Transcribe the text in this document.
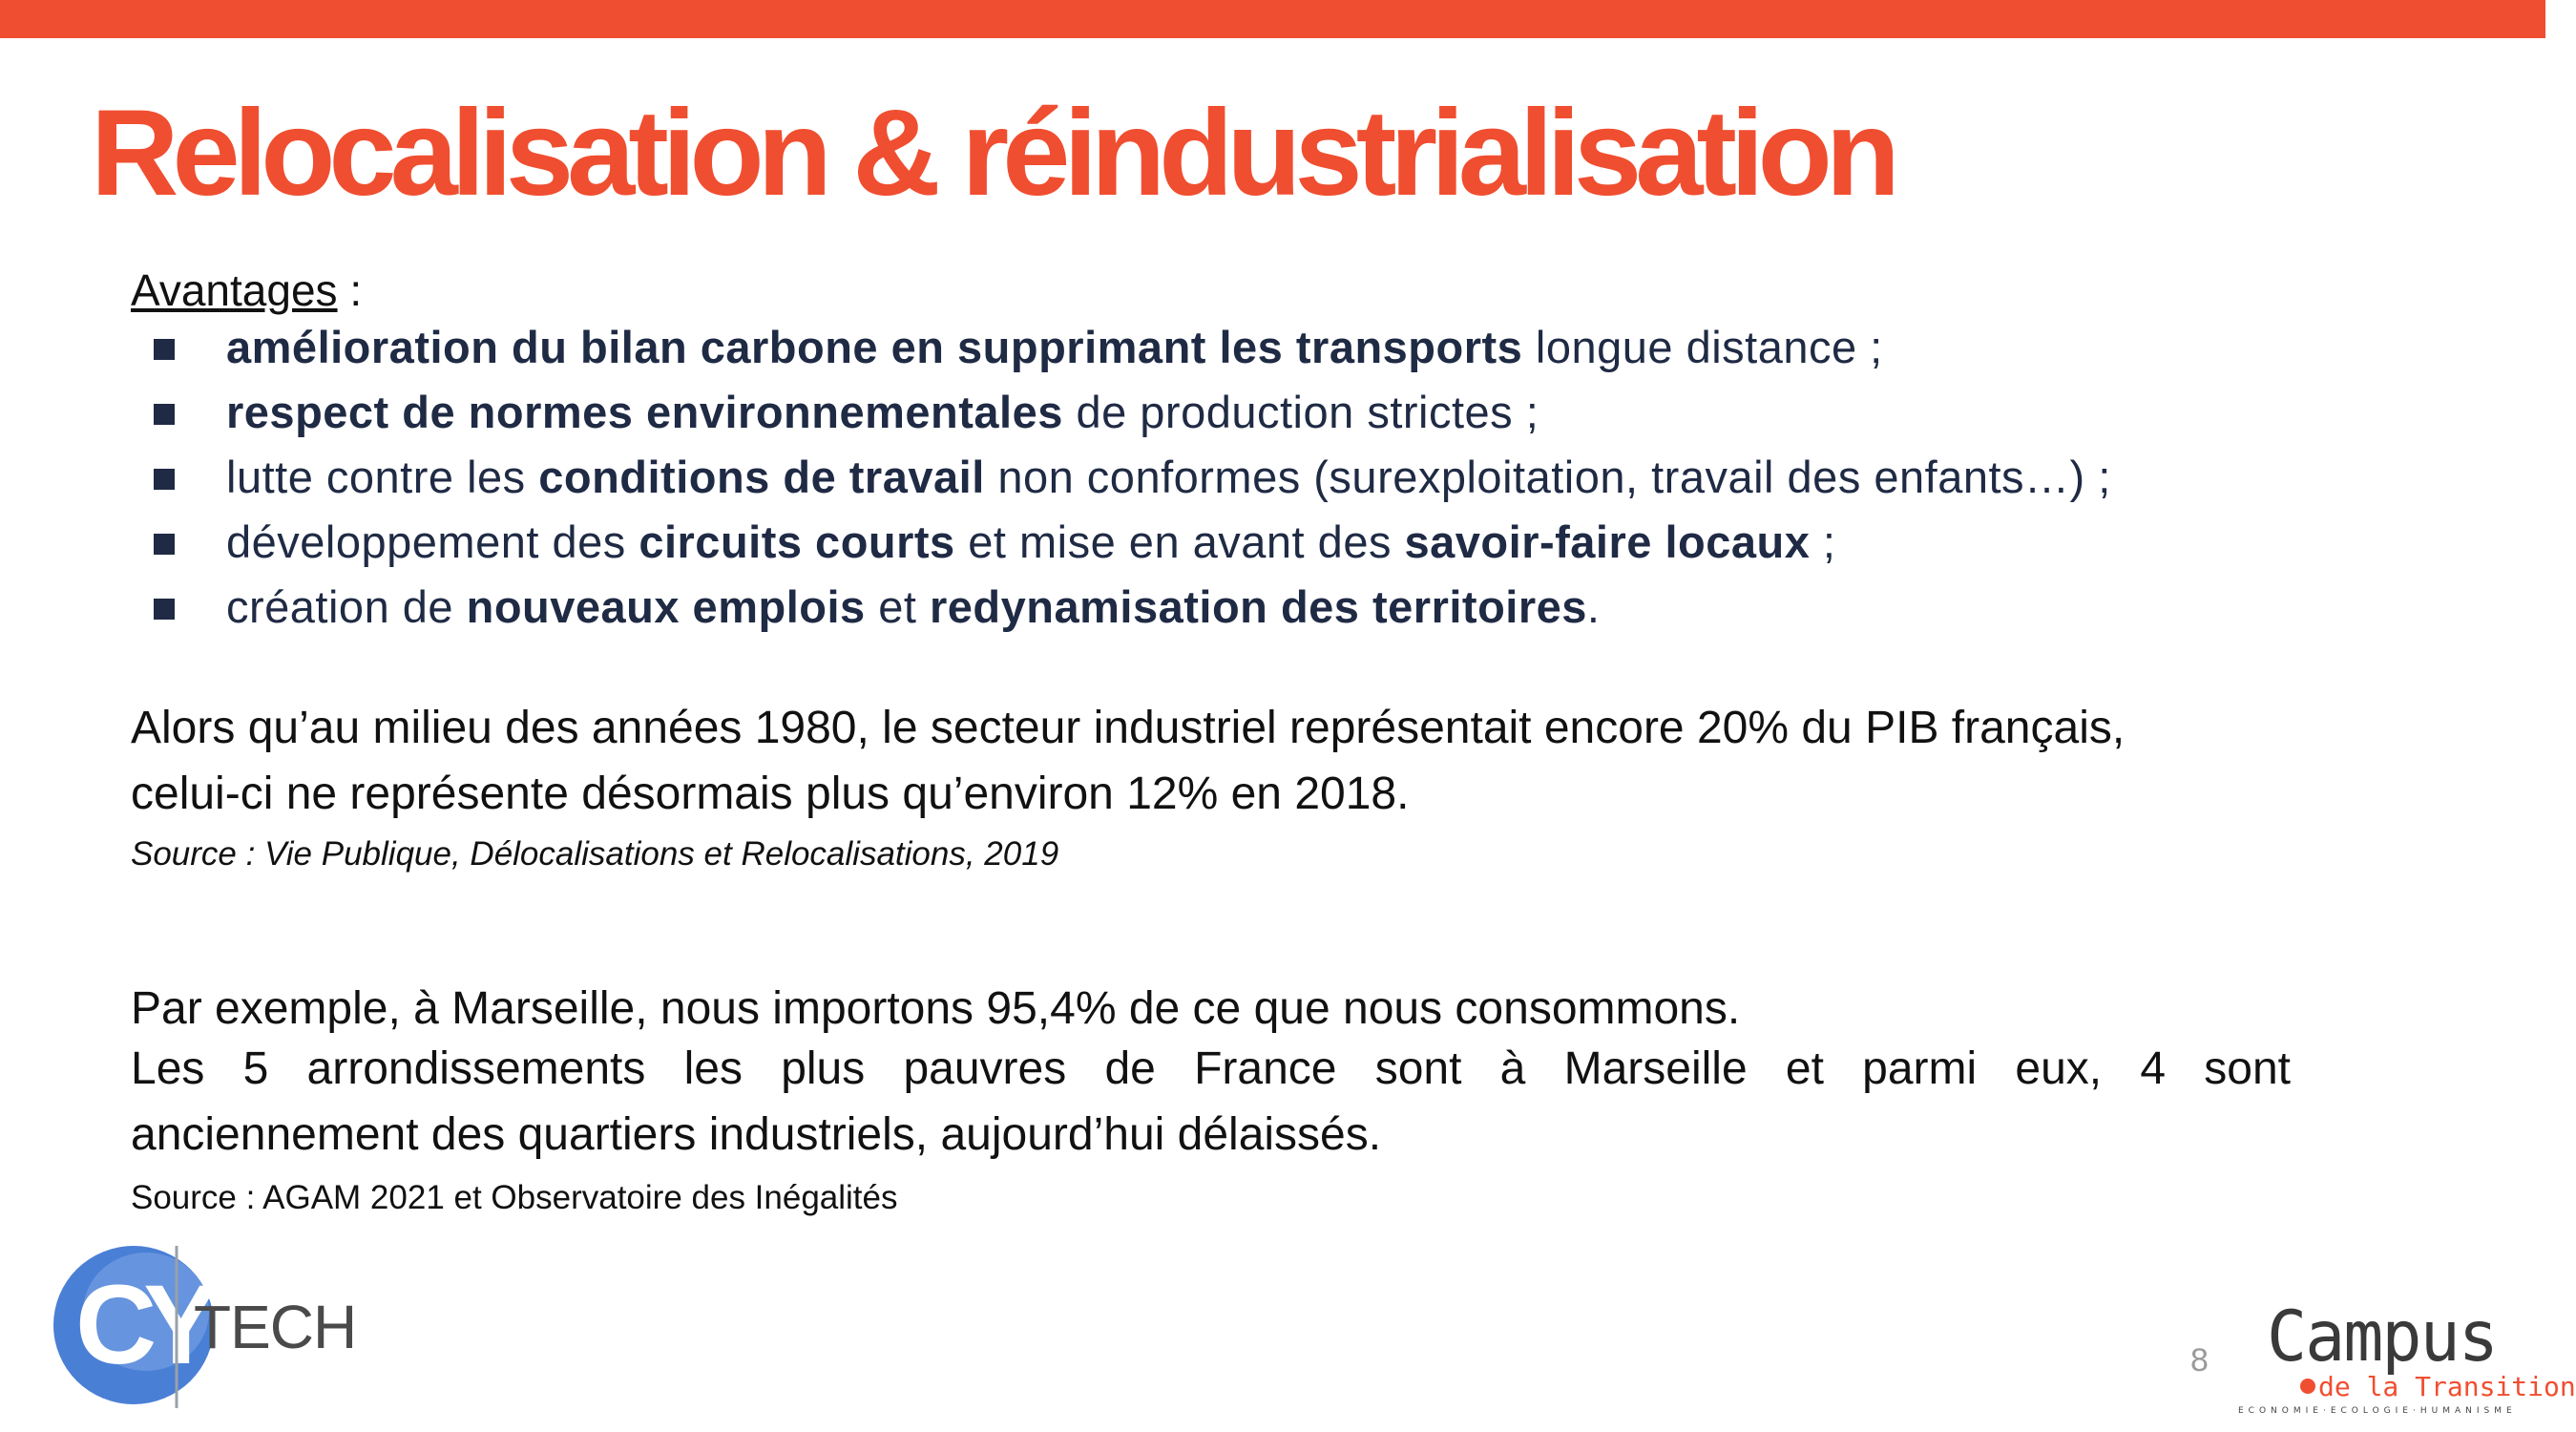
Relocalisation & réindustrialisation
Avantages :
amélioration du bilan carbone en supprimant les transports longue distance ;
respect de normes environnementales de production strictes ;
lutte contre les conditions de travail non conformes (surexploitation, travail des enfants…) ;
développement des circuits courts et mise en avant des savoir-faire locaux ;
création de nouveaux emplois et redynamisation des territoires.
Alors qu’au milieu des années 1980, le secteur industriel représentait encore 20% du PIB français,
celui-ci ne représente désormais plus qu’environ 12% en 2018.
Source : Vie Publique, Délocalisations et Relocalisations, 2019
Par exemple, à Marseille, nous importons 95,4% de ce que nous consommons.
Les 5 arrondissements les plus pauvres de France sont à Marseille et parmi eux, 4 sont
anciennement des quartiers industriels, aujourd’hui délaissés.
Source : AGAM 2021 et Observatoire des Inégalités
CY
TECH	8 Campus
de la Transition
ECONOMIE·ECOLOGIE·HUMANISME
